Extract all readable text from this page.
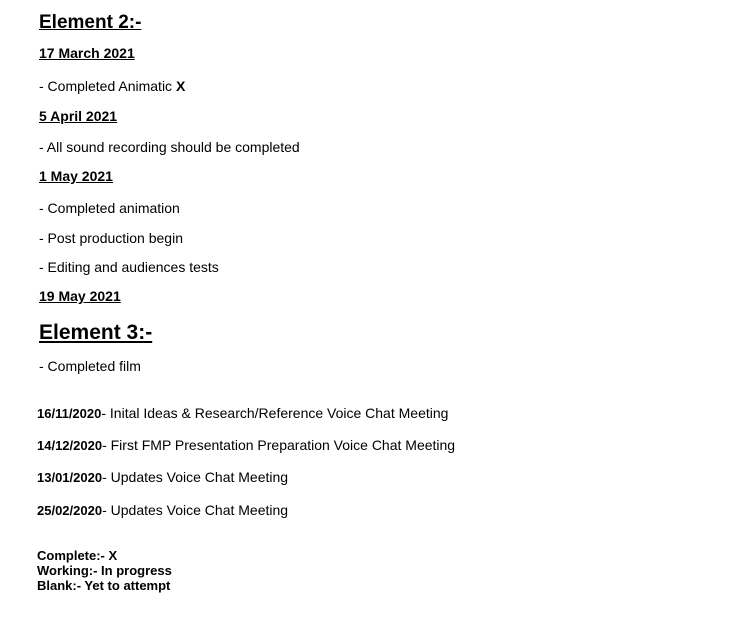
Element 2:-
17 March 2021
- Completed Animatic X
5 April 2021
- All sound recording should be completed
1 May 2021
- Completed animation
- Post production begin
- Editing and audiences tests
19 May 2021
Element 3:-
- Completed film
16/11/2020- Inital Ideas & Research/Reference Voice Chat Meeting
14/12/2020- First FMP Presentation Preparation Voice Chat Meeting
13/01/2020- Updates Voice Chat Meeting
25/02/2020- Updates Voice Chat Meeting
Complete:- X
Working:- In progress
Blank:- Yet to attempt
